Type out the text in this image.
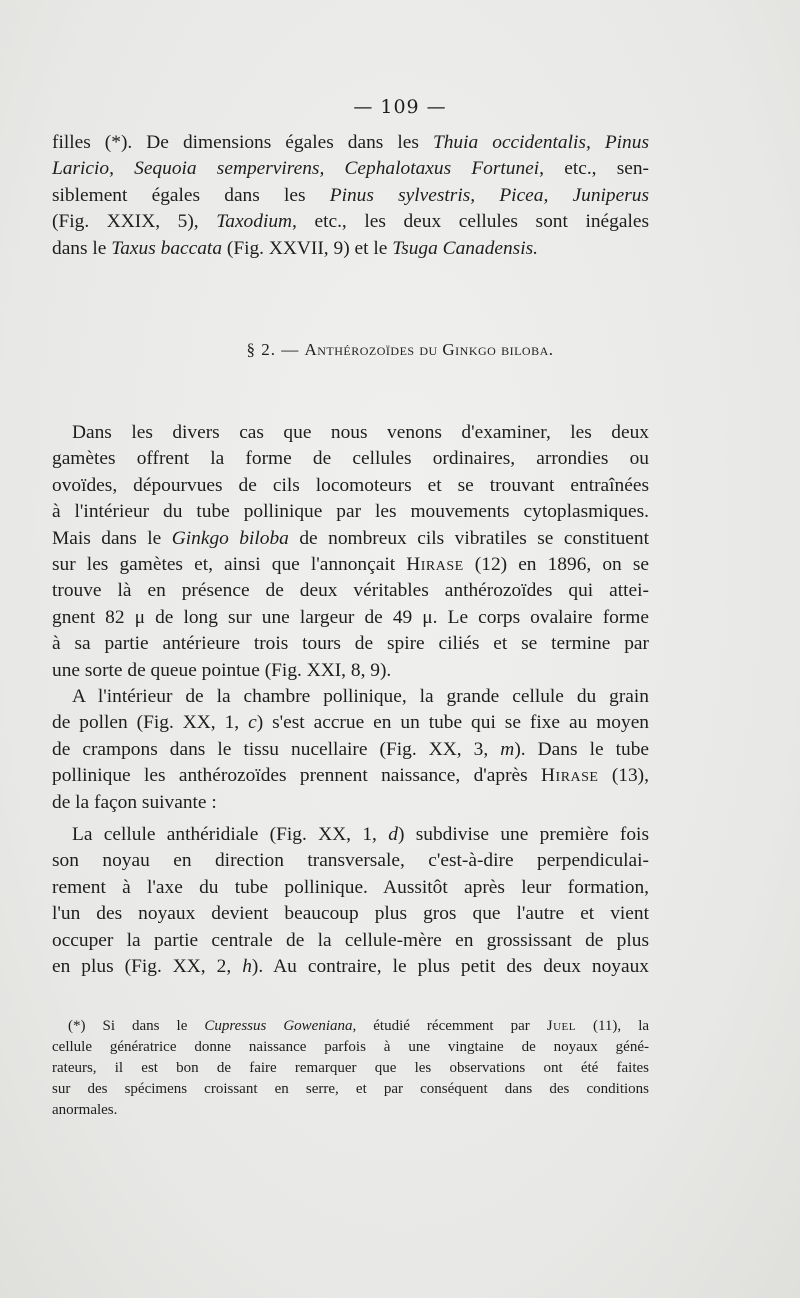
— 109 —
filles (*). De dimensions égales dans les Thuia occidentalis, Pinus
Laricio, Sequoia sempervirens, Cephalotaxus Fortunei, etc., sen-
siblement égales dans les Pinus sylvestris, Picea, Juniperus
(Fig. XXIX, 5), Taxodium, etc., les deux cellules sont inégales
dans le Taxus baccata (Fig. XXVII, 9) et le Tsuga Canadensis.
§ 2. — Anthérozoïdes du Ginkgo biloba.
Dans les divers cas que nous venons d'examiner, les deux
gamètes offrent la forme de cellules ordinaires, arrondies ou
ovoïdes, dépourvues de cils locomoteurs et se trouvant entraînées
à l'intérieur du tube pollinique par les mouvements cytoplasmiques.
Mais dans le Ginkgo biloba de nombreux cils vibratiles se constituent
sur les gamètes et, ainsi que l'annonçait Hirase (12) en 1896, on se
trouve là en présence de deux véritables anthérozoïdes qui attei-
gnent 82 μ de long sur une largeur de 49 μ. Le corps ovalaire forme
à sa partie antérieure trois tours de spire ciliés et se termine par
une sorte de queue pointue (Fig. XXI, 8, 9).
A l'intérieur de la chambre pollinique, la grande cellule du grain
de pollen (Fig. XX, 1, c) s'est accrue en un tube qui se fixe au moyen
de crampons dans le tissu nucellaire (Fig. XX, 3, m). Dans le tube
pollinique les anthérozoïdes prennent naissance, d'après Hirase (13),
de la façon suivante :
La cellule anthéridiale (Fig. XX, 1, d) subdivise une première fois
son noyau en direction transversale, c'est-à-dire perpendiculai-
rement à l'axe du tube pollinique. Aussitôt après leur formation,
l'un des noyaux devient beaucoup plus gros que l'autre et vient
occuper la partie centrale de la cellule-mère en grossissant de plus
en plus (Fig. XX, 2, h). Au contraire, le plus petit des deux noyaux
(*) Si dans le Cupressus Goweniana, étudié récemment par Juel (11), la
cellule génératrice donne naissance parfois à une vingtaine de noyaux géné-
rateurs, il est bon de faire remarquer que les observations ont été faites
sur des spécimens croissant en serre, et par conséquent dans des conditions
anormales.
